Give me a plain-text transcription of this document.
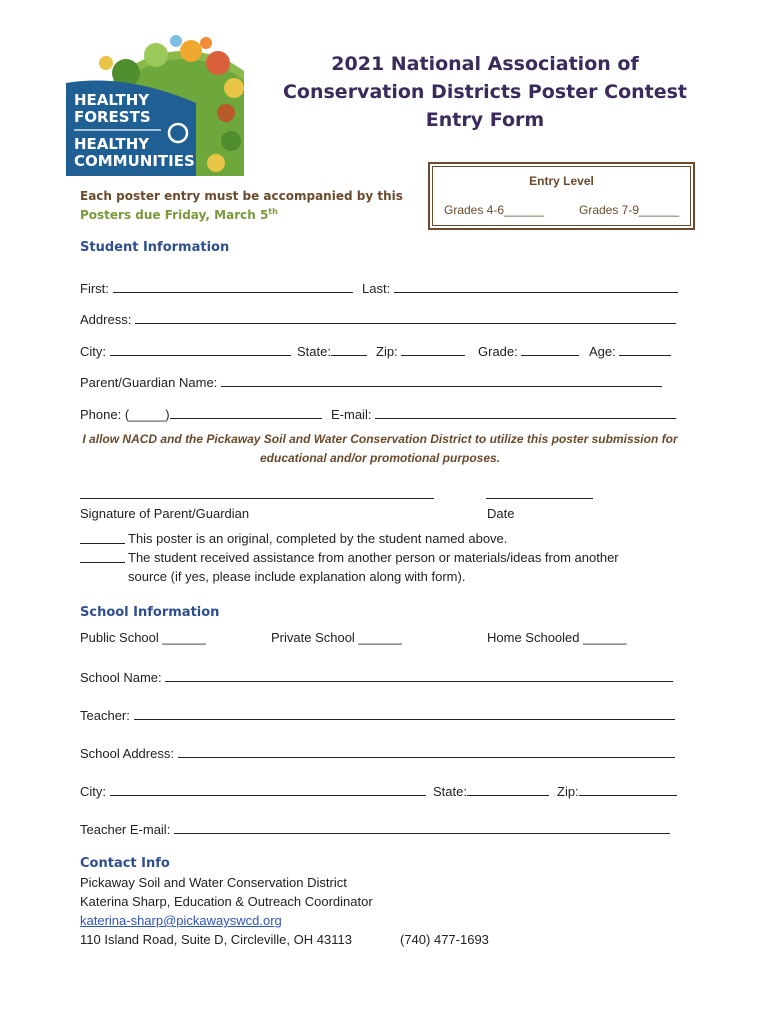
HEALTHY
FORESTS
HEALTHY
COMMUNITIES
2021 National Association of
Conservation Districts Poster Contest
Entry Form
Entry Level
Grades 4-6______	Grades 7-9______
Each poster entry must be accompanied by this
Posters due Friday, March 5th
Student Information
First:	Last:
Address:
City:	State:	Zip:	Grade:	Age:
Parent/Guardian Name:
Phone: (_____)	E-mail:
I allow NACD and the Pickaway Soil and Water Conservation District to utilize this poster submission for educational and/or promotional purposes.
Signature of Parent/Guardian	Date
This poster is an original, completed by the student named above.
The student received assistance from another person or materials/ideas from another
source (if yes, please include explanation along with form).
School Information
Public School ______	Private School ______	Home Schooled ______
School Name:
Teacher:
School Address:
City:	State:	Zip:
Teacher E-mail:
Contact Info
Pickaway Soil and Water Conservation District
Katerina Sharp, Education & Outreach Coordinator
katerina-sharp@pickawayswcd.org
110 Island Road, Suite D, Circleville, OH 43113	(740) 477-1693
